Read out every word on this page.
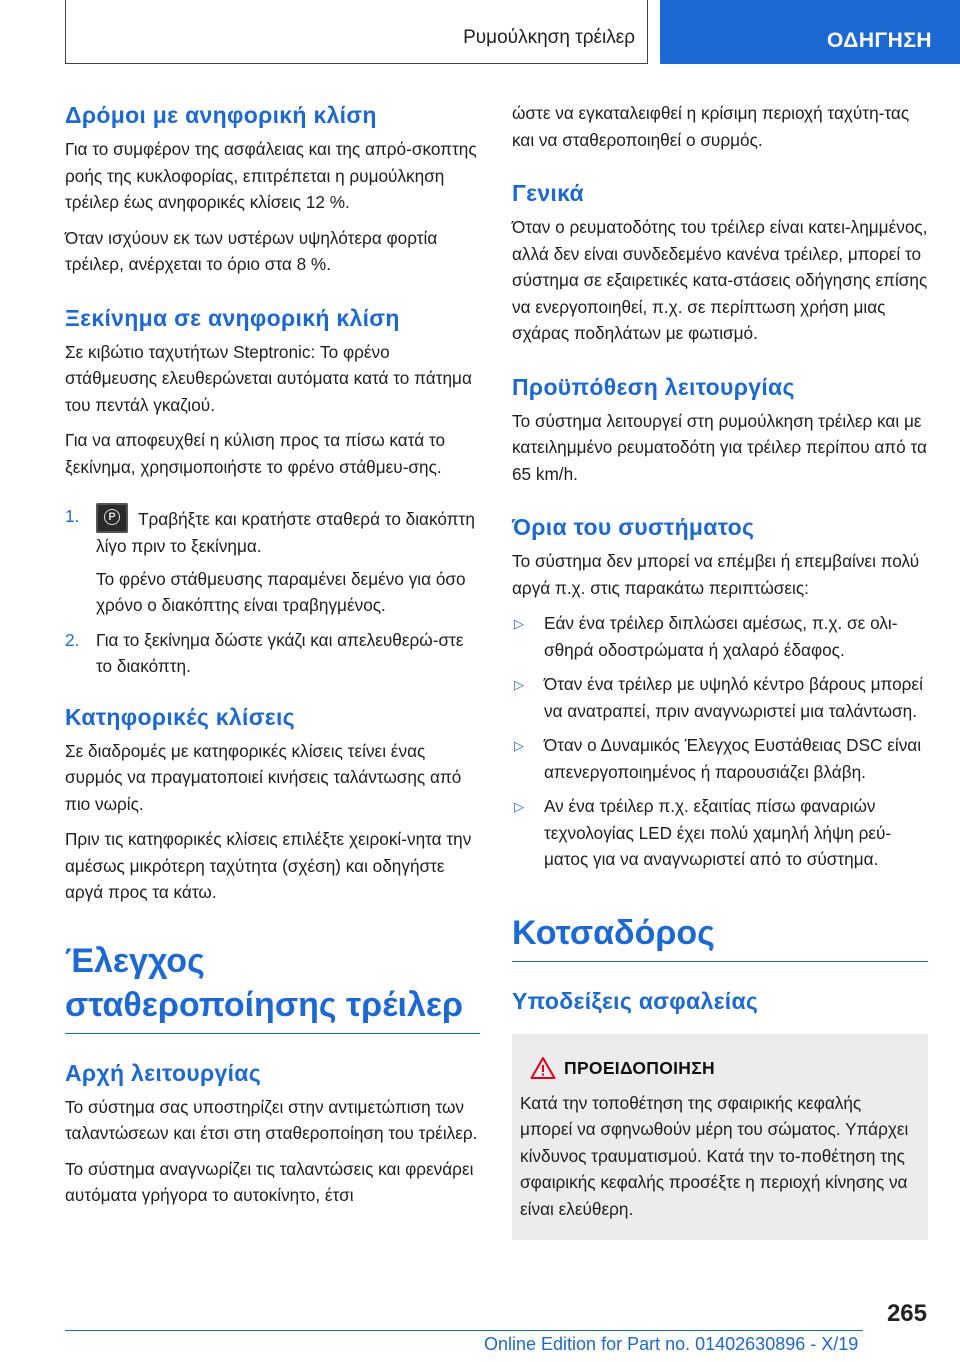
Ρυμούλκηση τρέιλερ	ΟΔΗΓΗΣΗ
Δρόμοι με ανηφορική κλίση

Για το συμφέρον της ασφάλειας και της απρό-σκοπτης ροής της κυκλοφορίας, επιτρέπεται η ρυμούλκηση τρέιλερ έως ανηφορικές κλίσεις 12 %.

Όταν ισχύουν εκ των υστέρων υψηλότερα φορτία τρέιλερ, ανέρχεται το όριο στα 8 %.

Ξεκίνημα σε ανηφορική κλίση

Σε κιβώτιο ταχυτήτων Steptronic: Το φρένο στάθμευσης ελευθερώνεται αυτόματα κατά το πάτημα του πεντάλ γκαζιού.

Για να αποφευχθεί η κύλιση προς τα πίσω κατά το ξεκίνημα, χρησιμοποιήστε το φρένο στάθμευ-σης.

1.

P	Τραβήξτε και κρατήστε σταθερά το διακόπτη λίγο πριν το ξεκίνημα.

Το φρένο στάθμευσης παραμένει δεμένο για όσο χρόνο ο διακόπτης είναι τραβηγμένος.

2. Για το ξεκίνημα δώστε γκάζι και απελευθερώ-στε το διακόπτη.

Κατηφορικές κλίσεις

Σε διαδρομές με κατηφορικές κλίσεις τείνει ένας συρμός να πραγματοποιεί κινήσεις ταλάντωσης από πιο νωρίς.

Πριν τις κατηφορικές κλίσεις επιλέξτε χειροκί-νητα την αμέσως μικρότερη ταχύτητα (σχέση) και οδηγήστε αργά προς τα κάτω.

Έλεγχος σταθεροποίησης τρέιλερ
Αρχή λειτουργίας

Το σύστημα σας υποστηρίζει στην αντιμετώπιση των ταλαντώσεων και έτσι στη σταθεροποίηση του τρέιλερ.

Το σύστημα αναγνωρίζει τις ταλαντώσεις και φρενάρει αυτόματα γρήγορα το αυτοκίνητο, έτσι

ώστε να εγκαταλειφθεί η κρίσιμη περιοχή ταχύτη-τας και να σταθεροποιηθεί ο συρμός.

Γενικά

Όταν ο ρευματοδότης του τρέιλερ είναι κατει-λημμένος, αλλά δεν είναι συνδεδεμένο κανένα τρέιλερ, μπορεί το σύστημα σε εξαιρετικές κατα-στάσεις οδήγησης επίσης να ενεργοποιηθεί, π.χ. σε περίπτωση χρήση μιας σχάρας ποδηλάτων με φωτισμό.

Προϋπόθεση λειτουργίας

Το σύστημα λειτουργεί στη ρυμούλκηση τρέιλερ και με κατειλημμένο ρευματοδότη για τρέιλερ περίπου από τα 65 km/h.

Όρια του συστήματος

Το σύστημα δεν μπορεί να επέμβει ή επεμβαίνει πολύ αργά π.χ. στις παρακάτω περιπτώσεις:

▷ Εάν ένα τρέιλερ διπλώσει αμέσως, π.χ. σε ολι-σθηρά οδοστρώματα ή χαλαρό έδαφος.

▷ Όταν ένα τρέιλερ με υψηλό κέντρο βάρους μπορεί να ανατραπεί, πριν αναγνωριστεί μια ταλάντωση.

▷ Όταν ο Δυναμικός Έλεγχος Ευστάθειας DSC είναι απενεργοποιημένος ή παρουσιάζει βλάβη.

▷ Αν ένα τρέιλερ π.χ. εξαιτίας πίσω φαναριών τεχνολογίας LED έχει πολύ χαμηλή λήψη ρεύ-ματος για να αναγνωριστεί από το σύστημα.

Κοτσαδόρος
Υποδείξεις ασφαλείας
ΠΡΟΕΙΔΟΠΟΙΗΣΗ

Κατά την τοποθέτηση της σφαιρικής κεφαλής μπορεί να σφηνωθούν μέρη του σώματος. Υπάρχει κίνδυνος τραυματισμού. Κατά την το-ποθέτηση της σφαιρικής κεφαλής προσέξτε η περιοχή κίνησης να είναι ελεύθερη.

265
Online Edition for Part no. 01402630896 - X/19
